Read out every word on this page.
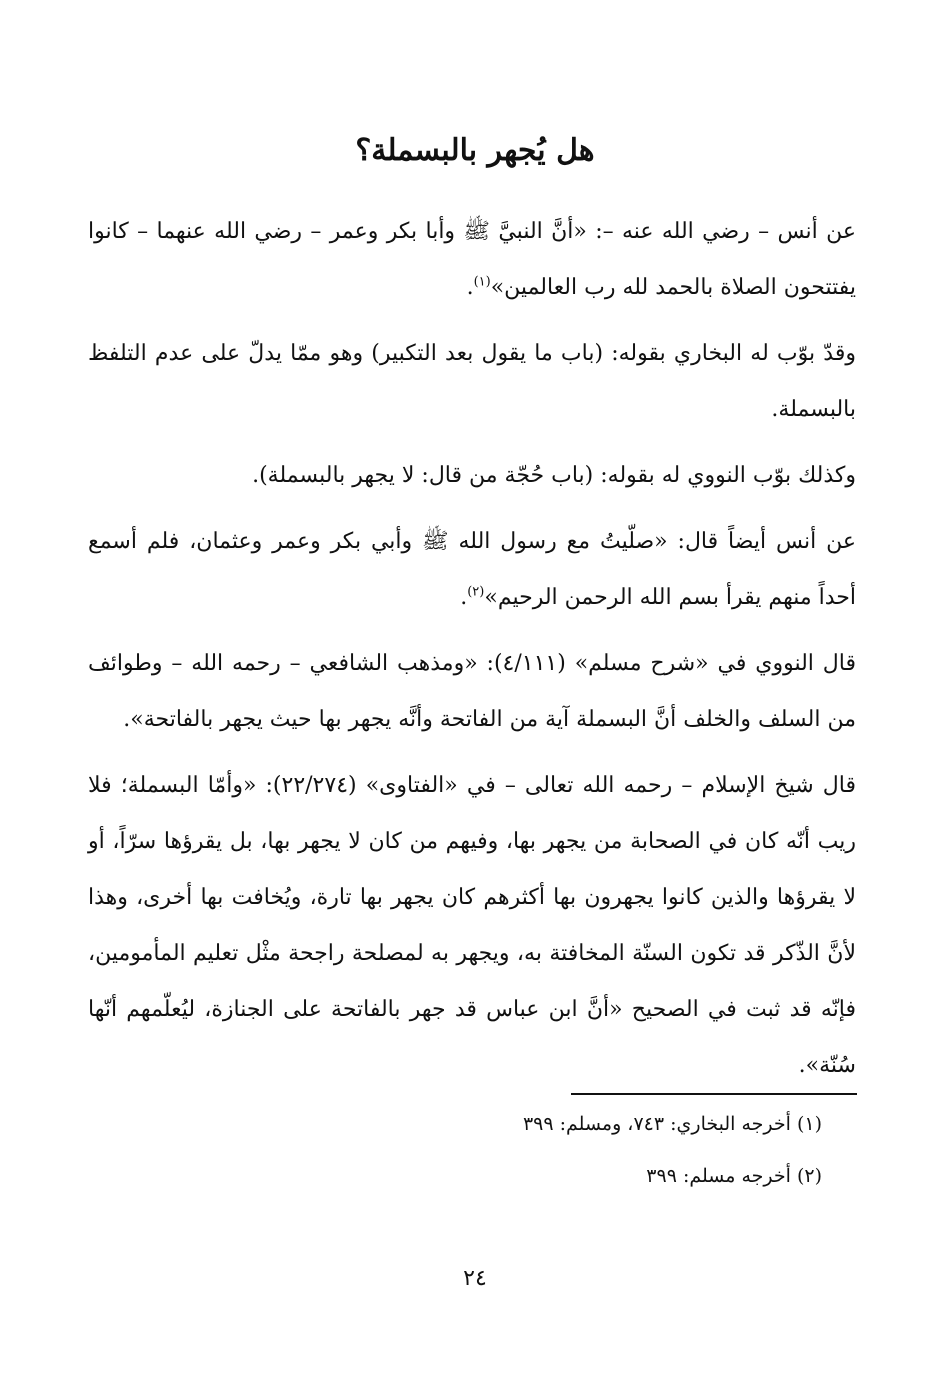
هل يُجهر بالبسملة؟

عن أنس – رضي الله عنه –: «أنَّ النبيَّ ﷺ وأبا بكر وعمر – رضي الله عنهما – كانوا يفتتحون الصلاة بالحمد لله رب العالمين»$^{(١)}$.

وقدّ بوّب له البخاري بقوله: (باب ما يقول بعد التكبير) وهو ممّا يدلّ على عدم التلفظ بالبسملة.

وكذلك بوّب النووي له بقوله: (باب حُجّة من قال: لا يجهر بالبسملة).

عن أنس أيضاً قال: «صلّيتُ مع رسول الله ﷺ وأبي بكر وعمر وعثمان، فلم أسمع أحداً منهم يقرأ بسم الله الرحمن الرحيم»$^{(٢)}$.

قال النووي في «شرح مسلم» (٤/١١١): «ومذهب الشافعي – رحمه الله – وطوائف من السلف والخلف أنَّ البسملة آية من الفاتحة وأنَّه يجهر بها حيث يجهر بالفاتحة».

قال شيخ الإسلام – رحمه الله تعالى – في «الفتاوى» (٢٢/٢٧٤): «وأمّا البسملة؛ فلا ريب أنّه كان في الصحابة من يجهر بها، وفيهم من كان لا يجهر بها، بل يقرؤها سرّاً، أو لا يقرؤها والذين كانوا يجهرون بها أكثرهم كان يجهر بها تارة، ويُخافت بها أخرى، وهذا لأنَّ الذّكر قد تكون السنّة المخافتة به، ويجهر به لمصلحة راجحة مثْل تعليم المأمومين، فإنّه قد ثبت في الصحيح «أنَّ ابن عباس قد جهر بالفاتحة على الجنازة، ليُعلّمهم أنّها سُنّة».

(١) أخرجه البخاري: ٧٤٣، ومسلم: ٣٩٩

(٢) أخرجه مسلم: ٣٩٩

٢٤
